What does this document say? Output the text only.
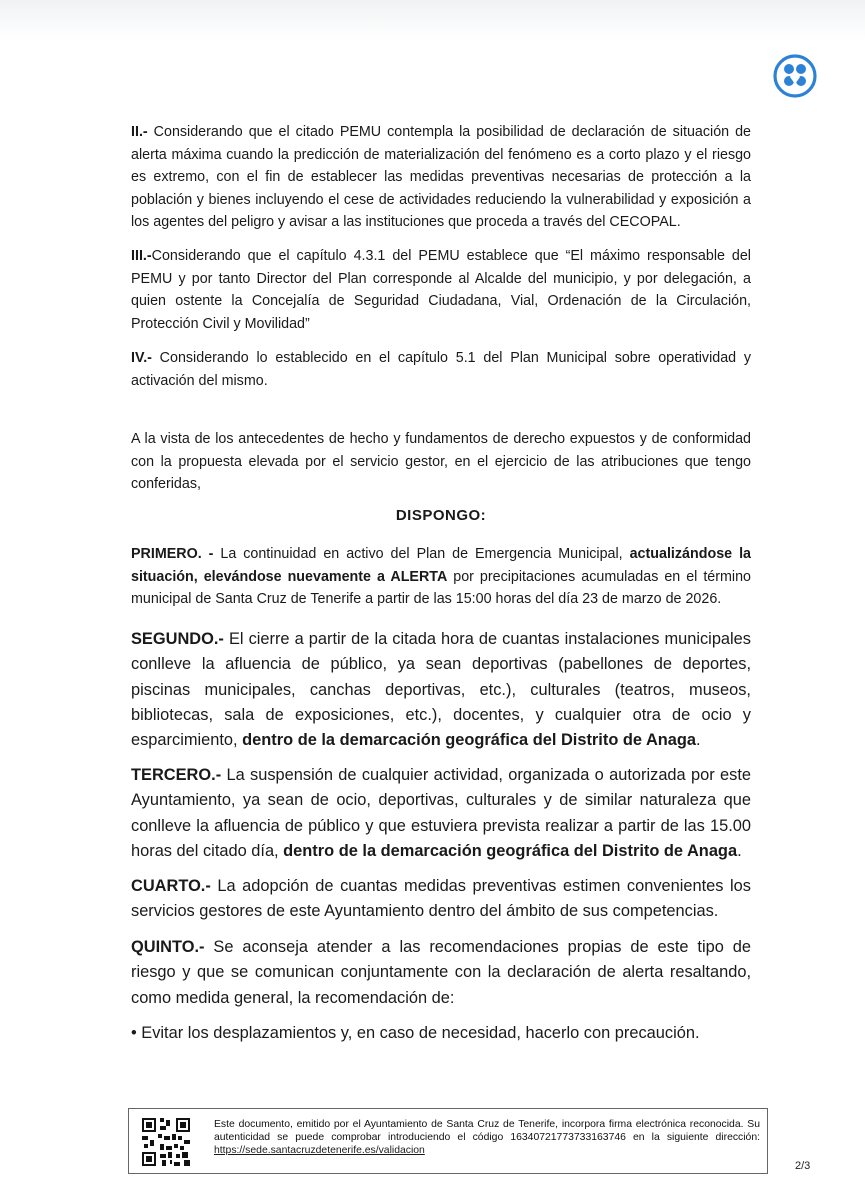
II.- Considerando que el citado PEMU contempla la posibilidad de declaración de situación de alerta máxima cuando la predicción de materialización del fenómeno es a corto plazo y el riesgo es extremo, con el fin de establecer las medidas preventivas necesarias de protección a la población y bienes incluyendo el cese de actividades reduciendo la vulnerabilidad y exposición a los agentes del peligro y avisar a las instituciones que proceda a través del CECOPAL.

III.-Considerando que el capítulo 4.3.1 del PEMU establece que “El máximo responsable del PEMU y por tanto Director del Plan corresponde al Alcalde del municipio, y por delegación, a quien ostente la Concejalía de Seguridad Ciudadana, Vial, Ordenación de la Circulación, Protección Civil y Movilidad”

IV.- Considerando lo establecido en el capítulo 5.1 del Plan Municipal sobre operatividad y activación del mismo.

A la vista de los antecedentes de hecho y fundamentos de derecho expuestos y de conformidad con la propuesta elevada por el servicio gestor, en el ejercicio de las atribuciones que tengo conferidas,

DISPONGO:

PRIMERO. - La continuidad en activo del Plan de Emergencia Municipal, actualizándose la situación, elevándose nuevamente a ALERTA por precipitaciones acumuladas en el término municipal de Santa Cruz de Tenerife a partir de las 15:00 horas del día 23 de marzo de 2026.

SEGUNDO.- El cierre a partir de la citada hora de cuantas instalaciones municipales conlleve la afluencia de público, ya sean deportivas (pabellones de deportes, piscinas municipales, canchas deportivas, etc.), culturales (teatros, museos, bibliotecas, sala de exposiciones, etc.), docentes, y cualquier otra de ocio y esparcimiento, dentro de la demarcación geográfica del Distrito de Anaga.

TERCERO.- La suspensión de cualquier actividad, organizada o autorizada por este Ayuntamiento, ya sean de ocio, deportivas, culturales y de similar naturaleza que conlleve la afluencia de público y que estuviera prevista realizar a partir de las 15.00 horas del citado día, dentro de la demarcación geográfica del Distrito de Anaga.

CUARTO.- La adopción de cuantas medidas preventivas estimen convenientes los servicios gestores de este Ayuntamiento dentro del ámbito de sus competencias.

QUINTO.- Se aconseja atender a las recomendaciones propias de este tipo de riesgo y que se comunican conjuntamente con la declaración de alerta resaltando, como medida general, la recomendación de:

• Evitar los desplazamientos y, en caso de necesidad, hacerlo con precaución.

Este documento, emitido por el Ayuntamiento de Santa Cruz de Tenerife, incorpora firma electrónica reconocida. Su autenticidad se puede comprobar introduciendo el código 16340721773733163746 en la siguiente dirección: https://sede.santacruzdetenerife.es/validacion
2/3
